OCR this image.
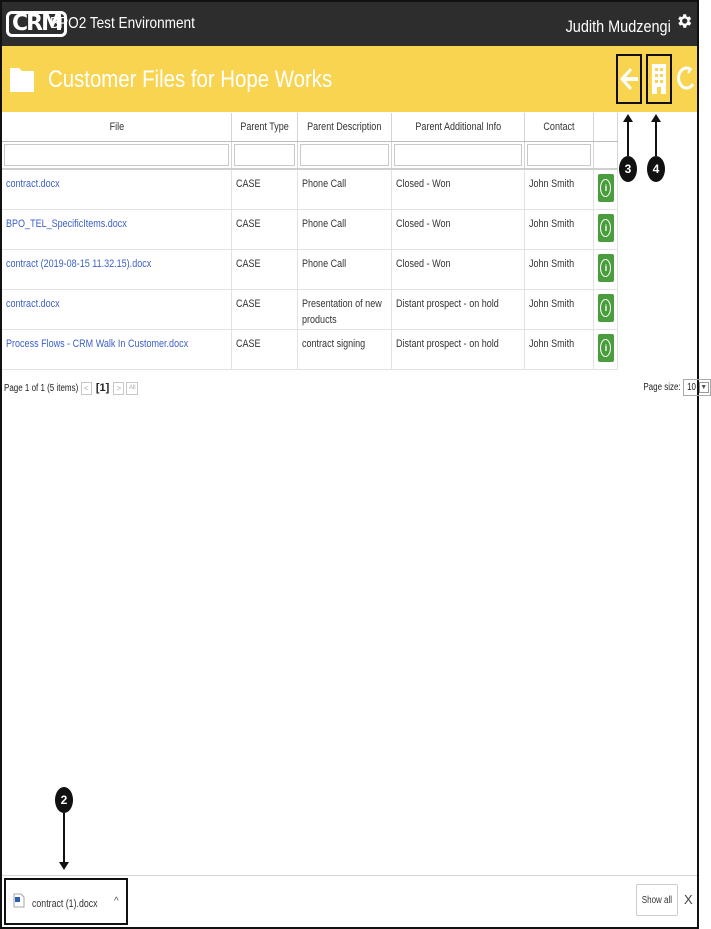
CRM
BPO2 Test Environment	Judith Mudzengi
Customer Files for Hope Works
3	4
File	Parent Type	Parent Description	Parent Additional Info	Contact	

contract.docx	CASE	Phone Call	Closed - Won	John Smith	i

BPO_TEL_SpecificItems.docx	CASE	Phone Call	Closed - Won	John Smith	i

contract (2019-08-15 11.32.15).docx	CASE	Phone Call	Closed - Won	John Smith	i

contract.docx	CASE	Presentation of new products	Distant prospect - on hold	John Smith	i

Process Flows - CRM Walk In Customer.docx	CASE	contract signing	Distant prospect - on hold	John Smith	i
Page 1 of 1 (5 items) < [1] >	All	Page size: 10 ▼
2
contract (1).docx ^	Show all X
